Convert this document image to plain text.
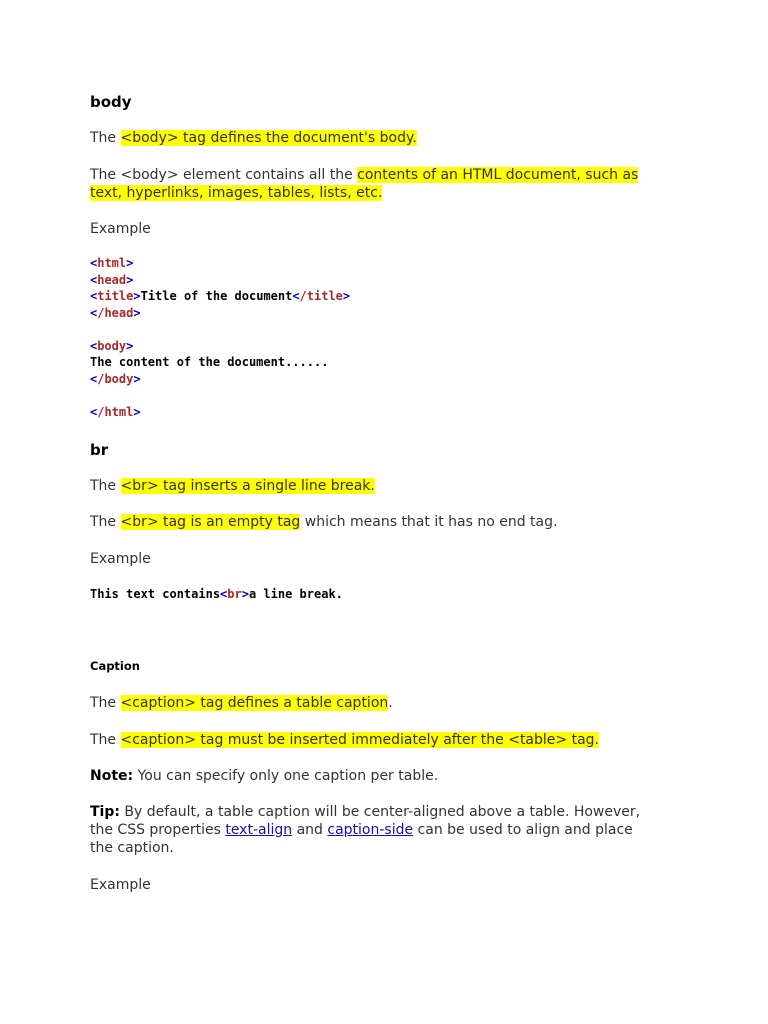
body

The <body> tag defines the document's body.

The <body> element contains all the contents of an HTML document, such as
text, hyperlinks, images, tables, lists, etc.

Example

<html>
<head>
<title>Title of the document</title>
</head>

<body>
The content of the document......
</body>

</html>
br

The <br> tag inserts a single line break.

The <br> tag is an empty tag which means that it has no end tag.

Example

This text contains<br>a line break.
Caption

The <caption> tag defines a table caption.

The <caption> tag must be inserted immediately after the <table> tag.

Note: You can specify only one caption per table.

Tip: By default, a table caption will be center-aligned above a table. However,
the CSS properties text-align and caption-side can be used to align and place
the caption.

Example
